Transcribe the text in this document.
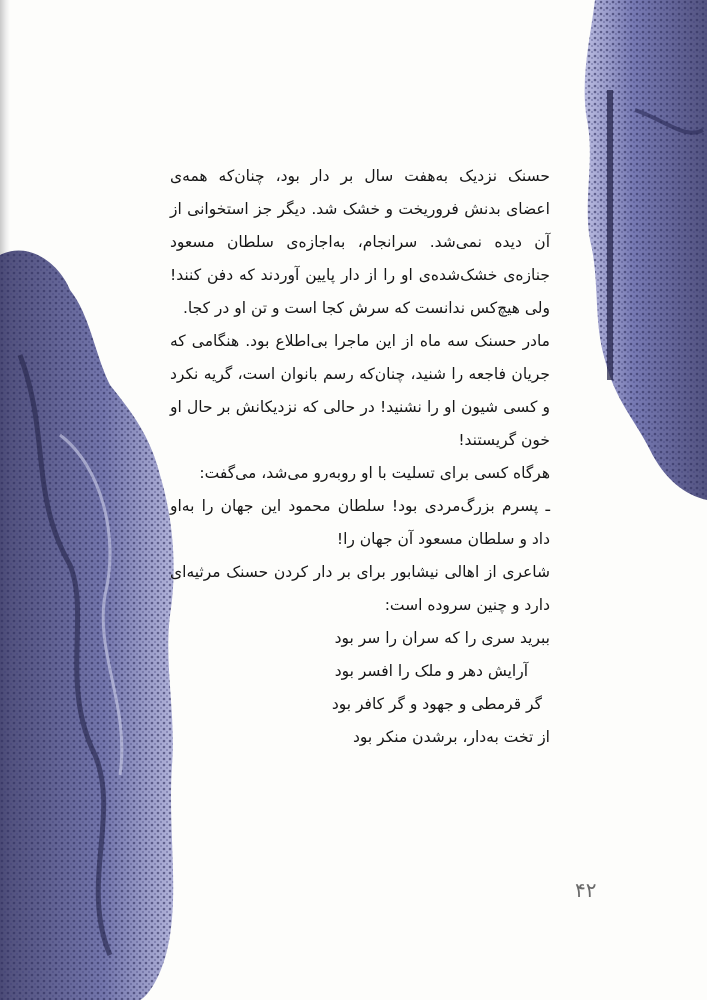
حسنک نزدیک به‌هفت سال بر دار بود، چنان‌که همه‌ی اعضای بدنش فروریخت و خشک شد. دیگر جز استخوانی از آن دیده نمی‌شد. سرانجام، به‌اجازه‌ی سلطان مسعود جنازه‌ی خشک‌شده‌ی او را از دار پایین آوردند که دفن کنند! ولی هیچ‌کس ندانست که سرش کجا است و تن او در کجا.
مادر حسنک سه ماه از این ماجرا بی‌اطلاع بود. هنگامی که جریان فاجعه را شنید، چنان‌که رسم بانوان است، گریه نکرد و کسی شیون او را نشنید! در حالی که نزدیکانش بر حال او خون گریستند!
هرگاه کسی برای تسلیت با او روبه‌رو می‌شد، می‌گفت:
ـ پسرم بزرگ‌مردی بود! سلطان محمود این جهان را به‌او داد و سلطان مسعود آن جهان را!
شاعری از اهالی نیشابور برای بر دار کردن حسنک مرثیه‌ای دارد و چنین سروده است:
ببرید سری را که سران را سر بود
آرایش دهر و ملک را افسر بود
گر قرمطی و جهود و گر کافر بود
از تخت به‌دار، برشدن منکر بود
۴۲
